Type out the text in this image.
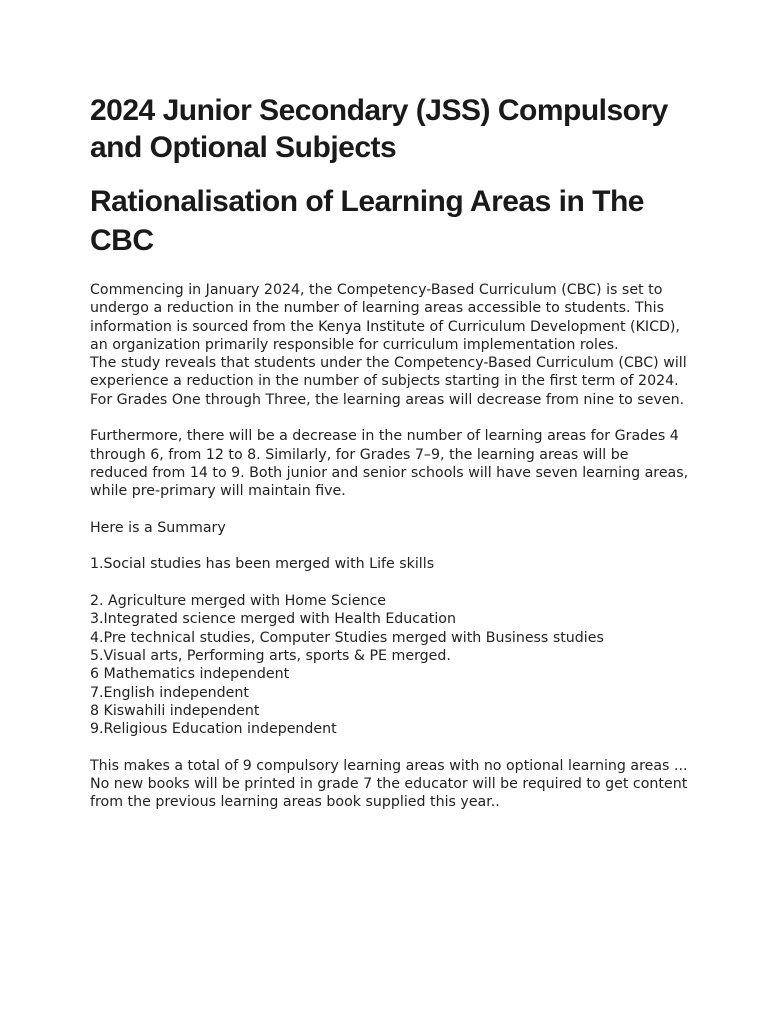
2024 Junior Secondary (JSS) Compulsory and Optional Subjects
Rationalisation of Learning Areas in The CBC

Commencing in January 2024, the Competency-Based Curriculum (CBC) is set to undergo a reduction in the number of learning areas accessible to students. This information is sourced from the Kenya Institute of Curriculum Development (KICD), an organization primarily responsible for curriculum implementation roles.

The study reveals that students under the Competency-Based Curriculum (CBC) will experience a reduction in the number of subjects starting in the first term of 2024. For Grades One through Three, the learning areas will decrease from nine to seven.

Furthermore, there will be a decrease in the number of learning areas for Grades 4 through 6, from 12 to 8. Similarly, for Grades 7–9, the learning areas will be reduced from 14 to 9. Both junior and senior schools will have seven learning areas, while pre-primary will maintain five.

Here is a Summary

1.Social studies has been merged with Life skills

2. Agriculture merged with Home Science
3.Integrated science merged with Health Education
4.Pre technical studies, Computer Studies merged with Business studies
5.Visual arts, Performing arts, sports & PE merged.
6 Mathematics independent
7.English independent
8 Kiswahili independent
9.Religious Education independent

This makes a total of 9 compulsory learning areas with no optional learning areas ...

No new books will be printed in grade 7 the educator will be required to get content from the previous learning areas book supplied this year..
